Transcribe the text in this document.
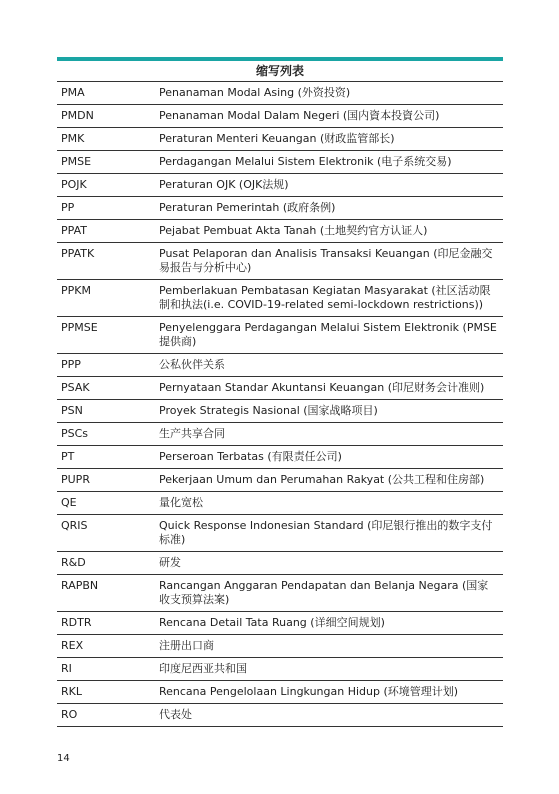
缩写列表
PMA	Penanaman Modal Asing (外资投资)
PMDN	Penanaman Modal Dalam Negeri (国内資本投資公司)
PMK	Peraturan Menteri Keuangan (财政监管部长)
PMSE	Perdagangan Melalui Sistem Elektronik (电子系统交易)
POJK	Peraturan OJK (OJK法规)
PP	Peraturan Pemerintah (政府条例)
PPAT	Pejabat Pembuat Akta Tanah (土地契约官方认证人)
PPATK	Pusat Pelaporan dan Analisis Transaksi Keuangan (印尼金融交易报告与分析中心)
PPKM	Pemberlakuan Pembatasan Kegiatan Masyarakat (社区活动限制和执法(i.e. COVID-19-related semi-lockdown restrictions))
PPMSE	Penyelenggara Perdagangan Melalui Sistem Elektronik (PMSE提供商)
PPP	公私伙伴关系
PSAK	Pernyataan Standar Akuntansi Keuangan (印尼财务会计准则)
PSN	Proyek Strategis Nasional (国家战略项目)
PSCs	生产共享合同
PT	Perseroan Terbatas (有限责任公司)
PUPR	Pekerjaan Umum dan Perumahan Rakyat (公共工程和住房部)
QE	量化宽松
QRIS	Quick Response Indonesian Standard (印尼银行推出的数字支付标准)
R&D	研发
RAPBN	Rancangan Anggaran Pendapatan dan Belanja Negara (国家收支预算法案)
RDTR	Rencana Detail Tata Ruang (详细空间规划)
REX	注册出口商
RI	印度尼西亚共和国
RKL	Rencana Pengelolaan Lingkungan Hidup (环境管理计划)
RO	代表处
14
